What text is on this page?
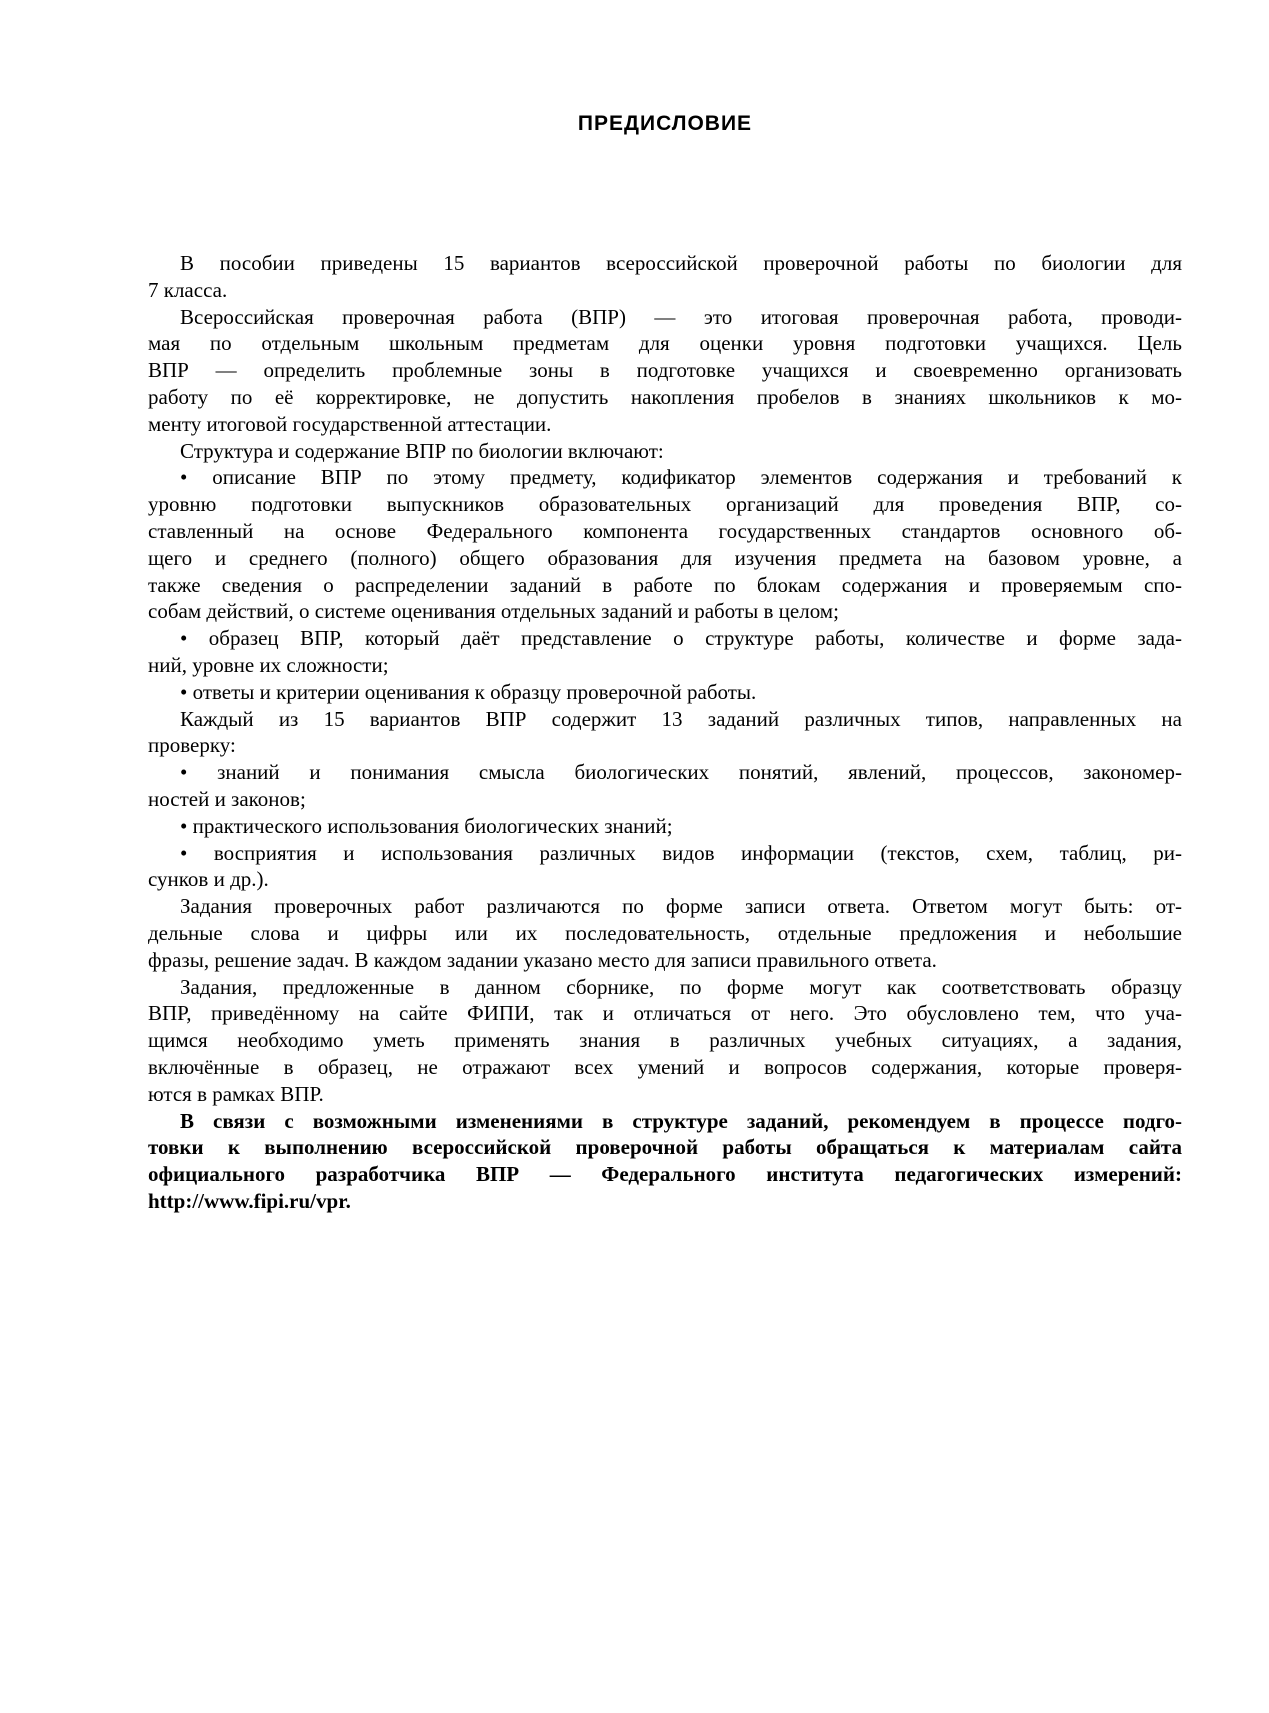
ПРЕДИСЛОВИЕ
В пособии приведены 15 вариантов всероссийской проверочной работы по биологии для
7 класса.
Всероссийская проверочная работа (ВПР) — это итоговая проверочная работа, проводи-
мая по отдельным школьным предметам для оценки уровня подготовки учащихся. Цель
ВПР — определить проблемные зоны в подготовке учащихся и своевременно организовать
работу по её корректировке, не допустить накопления пробелов в знаниях школьников к мо-
менту итоговой государственной аттестации.
Структура и содержание ВПР по биологии включают:
• описание ВПР по этому предмету, кодификатор элементов содержания и требований к
уровню подготовки выпускников образовательных организаций для проведения ВПР, со-
ставленный на основе Федерального компонента государственных стандартов основного об-
щего и среднего (полного) общего образования для изучения предмета на базовом уровне, а
также сведения о распределении заданий в работе по блокам содержания и проверяемым спо-
собам действий, о системе оценивания отдельных заданий и работы в целом;
• образец ВПР, который даёт представление о структуре работы, количестве и форме зада-
ний, уровне их сложности;
• ответы и критерии оценивания к образцу проверочной работы.
Каждый из 15 вариантов ВПР содержит 13 заданий различных типов, направленных на
проверку:
• знаний и понимания смысла биологических понятий, явлений, процессов, закономер-
ностей и законов;
• практического использования биологических знаний;
• восприятия и использования различных видов информации (текстов, схем, таблиц, ри-
сунков и др.).
Задания проверочных работ различаются по форме записи ответа. Ответом могут быть: от-
дельные слова и цифры или их последовательность, отдельные предложения и небольшие
фразы, решение задач. В каждом задании указано место для записи правильного ответа.
Задания, предложенные в данном сборнике, по форме могут как соответствовать образцу
ВПР, приведённому на сайте ФИПИ, так и отличаться от него. Это обусловлено тем, что уча-
щимся необходимо уметь применять знания в различных учебных ситуациях, а задания,
включённые в образец, не отражают всех умений и вопросов содержания, которые проверя-
ются в рамках ВПР.
В связи с возможными изменениями в структуре заданий, рекомендуем в процессе подго-
товки к выполнению всероссийской проверочной работы обращаться к материалам сайта
официального разработчика ВПР — Федерального института педагогических измерений:
http://www.fipi.ru/vpr.
